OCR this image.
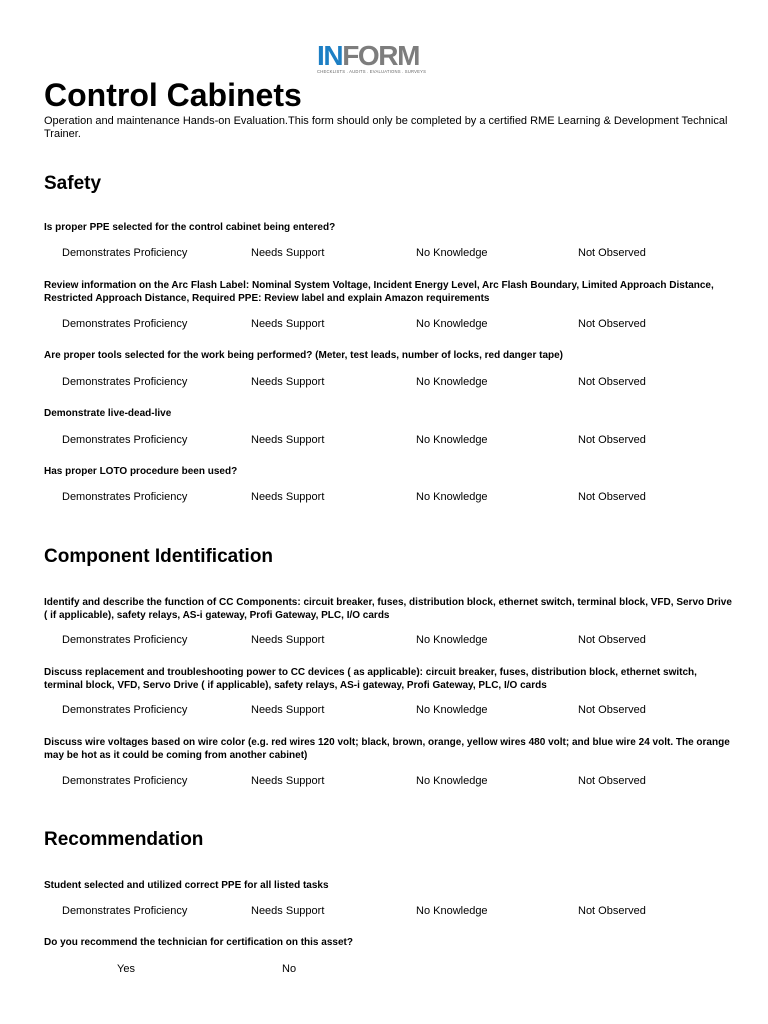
INFORM
CHECKLISTS . AUDITS . EVALUATIONS . SURVEYS
Control Cabinets

Operation and maintenance Hands-on Evaluation.This form should only be completed by a certified RME Learning & Development Technical Trainer.

Safety

Is proper PPE selected for the control cabinet being entered?

Demonstrates Proficiency	Needs Support	No Knowledge	Not Observed

Review information on the Arc Flash Label: Nominal System Voltage, Incident Energy Level, Arc Flash Boundary, Limited Approach Distance, Restricted Approach Distance, Required PPE: Review label and explain Amazon requirements

Demonstrates Proficiency	Needs Support	No Knowledge	Not Observed

Are proper tools selected for the work being performed? (Meter, test leads, number of locks, red danger tape)

Demonstrates Proficiency	Needs Support	No Knowledge	Not Observed

Demonstrate live-dead-live

Demonstrates Proficiency	Needs Support	No Knowledge	Not Observed

Has proper LOTO procedure been used?

Demonstrates Proficiency	Needs Support	No Knowledge	Not Observed
Component Identification

Identify and describe the function of CC Components: circuit breaker, fuses, distribution block, ethernet switch, terminal block, VFD, Servo Drive ( if applicable), safety relays, AS-i gateway, Profi Gateway, PLC, I/O cards

Demonstrates Proficiency	Needs Support	No Knowledge	Not Observed

Discuss replacement and troubleshooting power to CC devices ( as applicable): circuit breaker, fuses, distribution block, ethernet switch, terminal block, VFD, Servo Drive ( if applicable), safety relays, AS-i gateway, Profi Gateway, PLC, I/O cards

Demonstrates Proficiency	Needs Support	No Knowledge	Not Observed

Discuss wire voltages based on wire color (e.g. red wires 120 volt; black, brown, orange, yellow wires 480 volt; and blue wire 24 volt. The orange may be hot as it could be coming from another cabinet)

Demonstrates Proficiency	Needs Support	No Knowledge	Not Observed
Recommendation

Student selected and utilized correct PPE for all listed tasks

Demonstrates Proficiency	Needs Support	No Knowledge	Not Observed

Do you recommend the technician for certification on this asset?

Yes	No
